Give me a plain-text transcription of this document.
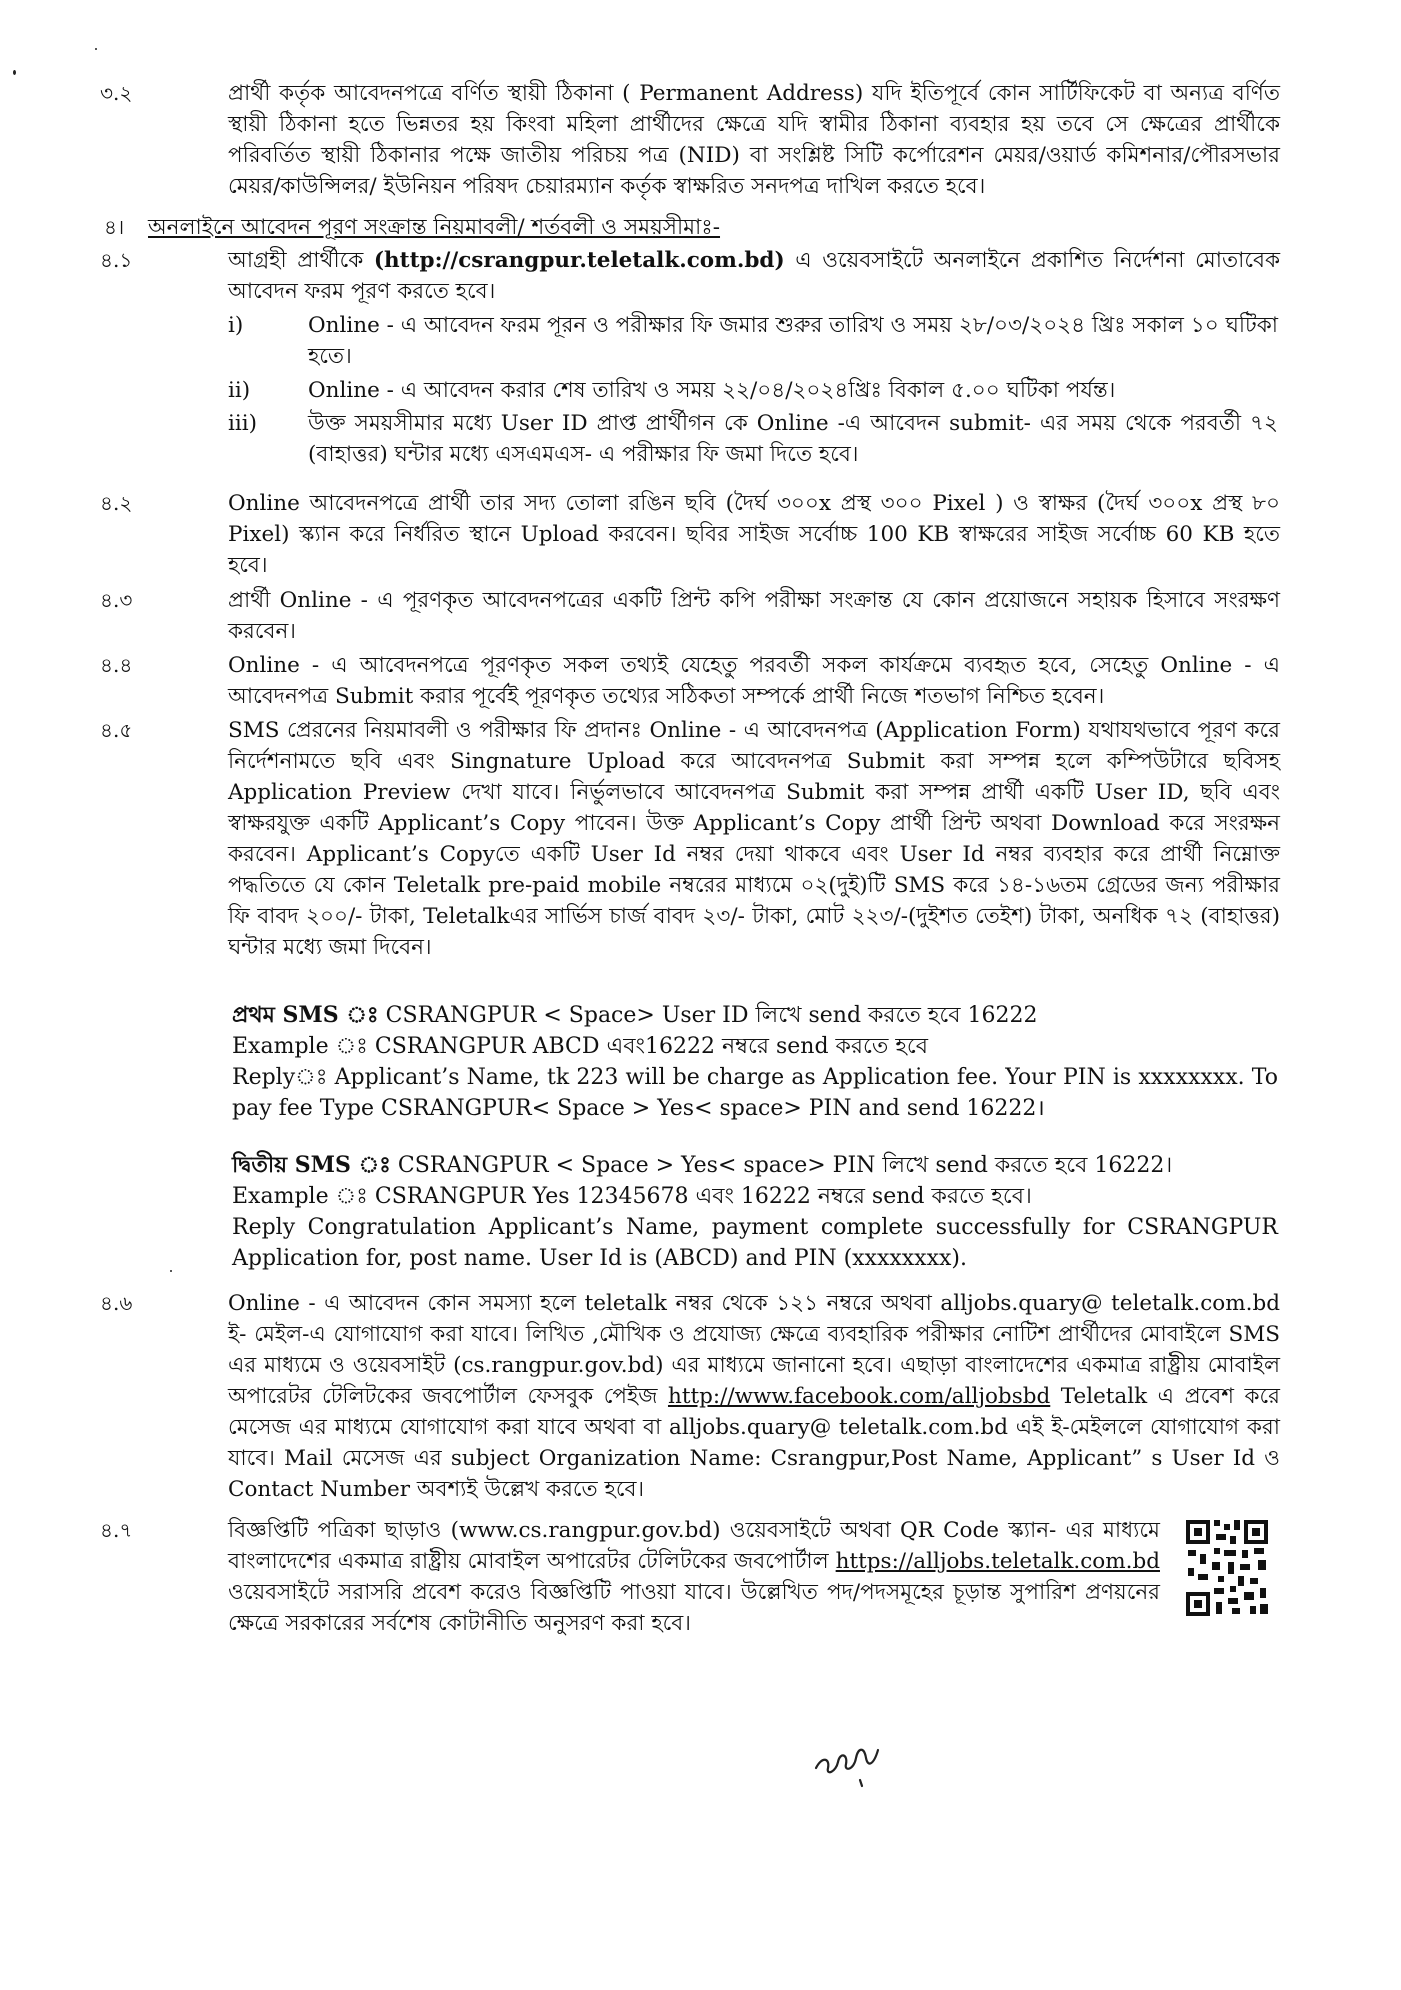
৩.২	প্রার্থী কর্তৃক আবেদনপত্রে বর্ণিত স্থায়ী ঠিকানা ( Permanent Address) যদি ইতিপূর্বে কোন সার্টিফিকেট বা অন্যত্র বর্ণিত স্থায়ী ঠিকানা হতে ভিন্নতর হয় কিংবা মহিলা প্রার্থীদের ক্ষেত্রে যদি স্বামীর ঠিকানা ব্যবহার হয় তবে সে ক্ষেত্রের প্রার্থীকে পরিবর্তিত স্থায়ী ঠিকানার পক্ষে জাতীয় পরিচয় পত্র (NID) বা সংশ্লিষ্ট সিটি কর্পোরেশন মেয়র/ওয়ার্ড কমিশনার/পৌরসভার মেয়র/কাউন্সিলর/ ইউনিয়ন পরিষদ চেয়ারম্যান কর্তৃক স্বাক্ষরিত সনদপত্র দাখিল করতে হবে।
৪।	অনলাইনে আবেদন পূরণ সংক্রান্ত নিয়মাবলী/ শর্তবলী ও সময়সীমাঃ-
৪.১	আগ্রহী প্রার্থীকে (http://csrangpur.teletalk.com.bd) এ ওয়েবসাইটে অনলাইনে প্রকাশিত নির্দেশনা মোতাবেক আবেদন ফরম পূরণ করতে হবে।
i)	Online - এ আবেদন ফরম পূরন ও পরীক্ষার ফি জমার শুরুর তারিখ ও সময় ২৮/০৩/২০২৪ খ্রিঃ সকাল ১০ ঘটিকা হতে।
ii)	Online - এ আবেদন করার শেষ তারিখ ও সময় ২২/০৪/২০২৪খ্রিঃ বিকাল ৫.০০ ঘটিকা পর্যন্ত।
iii)	উক্ত সময়সীমার মধ্যে User ID প্রাপ্ত প্রার্থীগন কে Online -এ আবেদন submit- এর সময় থেকে পরবর্তী ৭২ (বাহাত্তর) ঘন্টার মধ্যে এসএমএস- এ পরীক্ষার ফি জমা দিতে হবে।
৪.২	Online আবেদনপত্রে প্রার্থী তার সদ্য তোলা রঙিন ছবি (দৈর্ঘ ৩০০x প্রস্থ ৩০০ Pixel ) ও স্বাক্ষর (দৈর্ঘ ৩০০x প্রস্থ ৮০ Pixel) স্ক্যান করে নির্ধরিত স্থানে Upload করবেন। ছবির সাইজ সর্বোচ্চ 100 KB স্বাক্ষরের সাইজ সর্বোচ্চ 60 KB হতে হবে।
৪.৩	প্রার্থী Online - এ পূরণকৃত আবেদনপত্রের একটি প্রিন্ট কপি পরীক্ষা সংক্রান্ত যে কোন প্রয়োজনে সহায়ক হিসাবে সংরক্ষণ করবেন।
৪.৪	Online - এ আবেদনপত্রে পূরণকৃত সকল তথ্যই যেহেতু পরবর্তী সকল কার্যক্রমে ব্যবহৃত হবে, সেহেতু Online - এ আবেদনপত্র Submit করার পূর্বেই পূরণকৃত তথ্যের সঠিকতা সম্পর্কে প্রার্থী নিজে শতভাগ নিশ্চিত হবেন।
৪.৫	SMS প্রেরনের নিয়মাবলী ও পরীক্ষার ফি প্রদানঃ Online - এ আবেদনপত্র (Application Form) যথাযথভাবে পূরণ করে নির্দেশনামতে ছবি এবং Singnature Upload করে আবেদনপত্র Submit করা সম্পন্ন হলে কম্পিউটারে ছবিসহ Application Preview দেখা যাবে। নির্ভুলভাবে আবেদনপত্র Submit করা সম্পন্ন প্রার্থী একটি User ID, ছবি এবং স্বাক্ষরযুক্ত একটি Applicant’s Copy পাবেন। উক্ত Applicant’s Copy প্রার্থী প্রিন্ট অথবা Download করে সংরক্ষন করবেন। Applicant’s Copyতে একটি User Id নম্বর দেয়া থাকবে এবং User Id নম্বর ব্যবহার করে প্রার্থী নিম্নোক্ত পদ্ধতিতে যে কোন Teletalk pre-paid mobile নম্বরের মাধ্যমে ০২(দুই)টি SMS করে ১৪-১৬তম গ্রেডের জন্য পরীক্ষার ফি বাবদ ২০০/- টাকা, Teletalkএর সার্ভিস চার্জ বাবদ ২৩/- টাকা, মোট ২২৩/-(দুইশত তেইশ) টাকা, অনধিক ৭২ (বাহাত্তর) ঘন্টার মধ্যে জমা দিবেন।
প্রথম SMS ঃ CSRANGPUR < Space> User ID লিখে send করতে হবে 16222
Example ঃ CSRANGPUR ABCD এবং16222 নম্বরে send করতে হবে
Replyঃ Applicant’s Name, tk 223 will be charge as Application fee. Your PIN is xxxxxxxx. To pay fee Type CSRANGPUR< Space > Yes< space> PIN and send 16222।
দ্বিতীয় SMS ঃ CSRANGPUR < Space > Yes< space> PIN লিখে send করতে হবে 16222।
Example ঃ CSRANGPUR Yes 12345678 এবং 16222 নম্বরে send করতে হবে।
Reply Congratulation Applicant’s Name, payment complete successfully for CSRANGPUR Application for, post name. User Id is (ABCD) and PIN (xxxxxxxx).
৪.৬	Online - এ আবেদন কোন সমস্যা হলে teletalk নম্বর থেকে ১২১ নম্বরে অথবা alljobs.quary@ teletalk.com.bd ই- মেইল-এ যোগাযোগ করা যাবে। লিখিত ,মৌখিক ও প্রযোজ্য ক্ষেত্রে ব্যবহারিক পরীক্ষার নোটিশ প্রার্থীদের মোবাইলে SMS এর মাধ্যমে ও ওয়েবসাইট (cs.rangpur.gov.bd) এর মাধ্যমে জানানো হবে। এছাড়া বাংলাদেশের একমাত্র রাষ্ট্রীয় মোবাইল অপারেটর টেলিটকের জবপোর্টাল ফেসবুক পেইজ http://www.facebook.com/alljobsbd Teletalk এ প্রবেশ করে মেসেজ এর মাধ্যমে যোগাযোগ করা যাবে অথবা বা alljobs.quary@ teletalk.com.bd এই ই-মেইললে যোগাযোগ করা যাবে। Mail মেসেজ এর subject Organization Name: Csrangpur,Post Name, Applicant” s User Id ও Contact Number অবশ্যই উল্লেখ করতে হবে।
৪.৭	বিজ্ঞপ্তিটি পত্রিকা ছাড়াও (www.cs.rangpur.gov.bd) ওয়েবসাইটে অথবা QR Code স্ক্যান- এর মাধ্যমে বাংলাদেশের একমাত্র রাষ্ট্রীয় মোবাইল অপারেটর টেলিটকের জবপোর্টাল https://alljobs.teletalk.com.bd ওয়েবসাইটে সরাসরি প্রবেশ করেও বিজ্ঞপ্তিটি পাওয়া যাবে। উল্লেখিত পদ/পদসমূহের চূড়ান্ত সুপারিশ প্রণয়নের ক্ষেত্রে সরকারের সর্বশেষ কোটানীতি অনুসরণ করা হবে।
